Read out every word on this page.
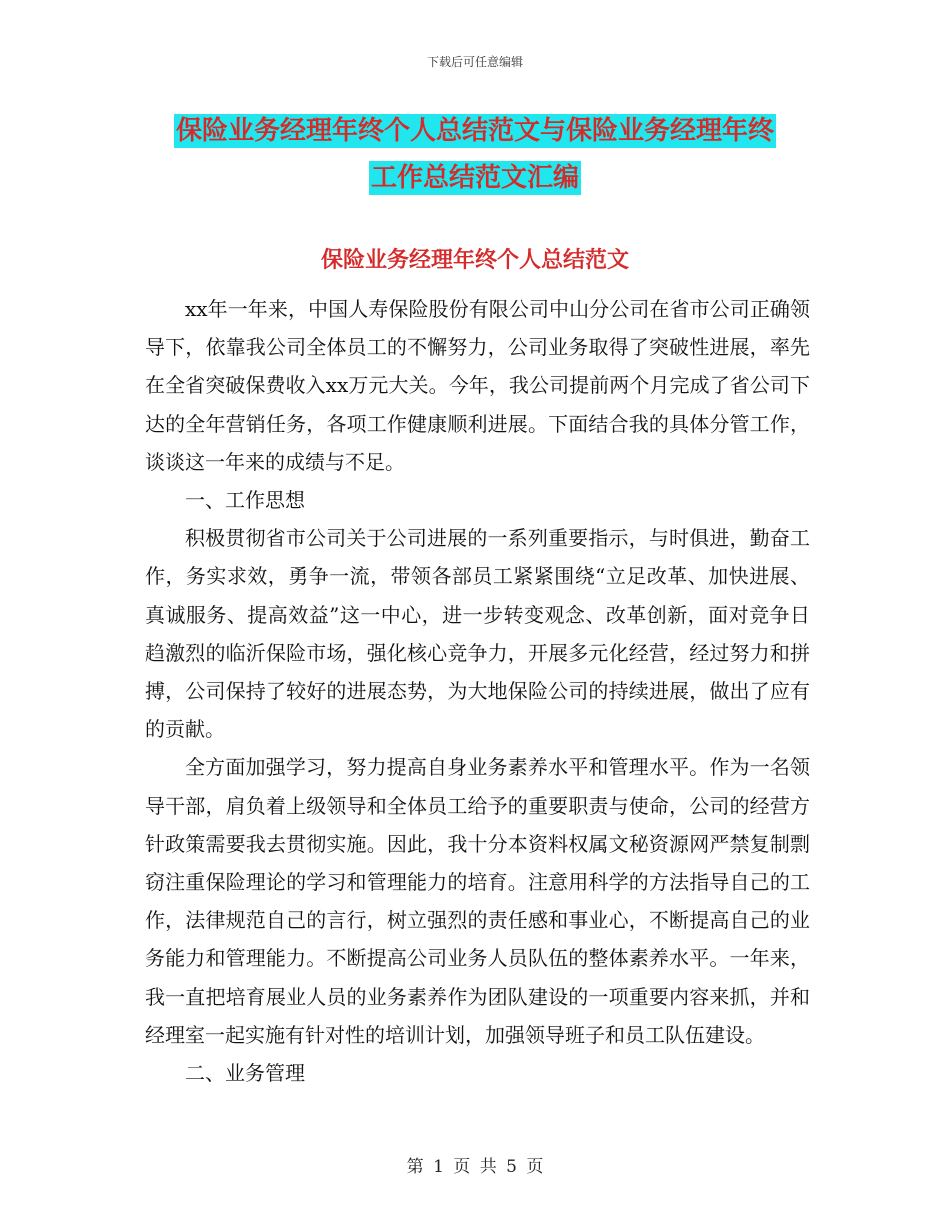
下载后可任意编辑
保险业务经理年终个人总结范文与保险业务经理年终
工作总结范文汇编
保险业务经理年终个人总结范文

xx年一年来，中国人寿保险股份有限公司中山分公司在省市公司正确领导下，依靠我公司全体员工的不懈努力，公司业务取得了突破性进展，率先在全省突破保费收入xx万元大关。今年，我公司提前两个月完成了省公司下达的全年营销任务，各项工作健康顺利进展。下面结合我的具体分管工作，谈谈这一年来的成绩与不足。

一、工作思想

积极贯彻省市公司关于公司进展的一系列重要指示，与时俱进，勤奋工作，务实求效，勇争一流，带领各部员工紧紧围绕“立足改革、加快进展、真诚服务、提高效益”这一中心，进一步转变观念、改革创新，面对竞争日趋激烈的临沂保险市场，强化核心竞争力，开展多元化经营，经过努力和拼搏，公司保持了较好的进展态势，为大地保险公司的持续进展，做出了应有的贡献。

全方面加强学习，努力提高自身业务素养水平和管理水平。作为一名领导干部，肩负着上级领导和全体员工给予的重要职责与使命，公司的经营方针政策需要我去贯彻实施。因此，我十分本资料权属文秘资源网严禁复制剽窃注重保险理论的学习和管理能力的培育。注意用科学的方法指导自己的工作，法律规范自己的言行，树立强烈的责任感和事业心，不断提高自己的业务能力和管理能力。不断提高公司业务人员队伍的整体素养水平。一年来，我一直把培育展业人员的业务素养作为团队建设的一项重要内容来抓，并和经理室一起实施有针对性的培训计划，加强领导班子和员工队伍建设。

二、业务管理

第 1 页 共 5 页
